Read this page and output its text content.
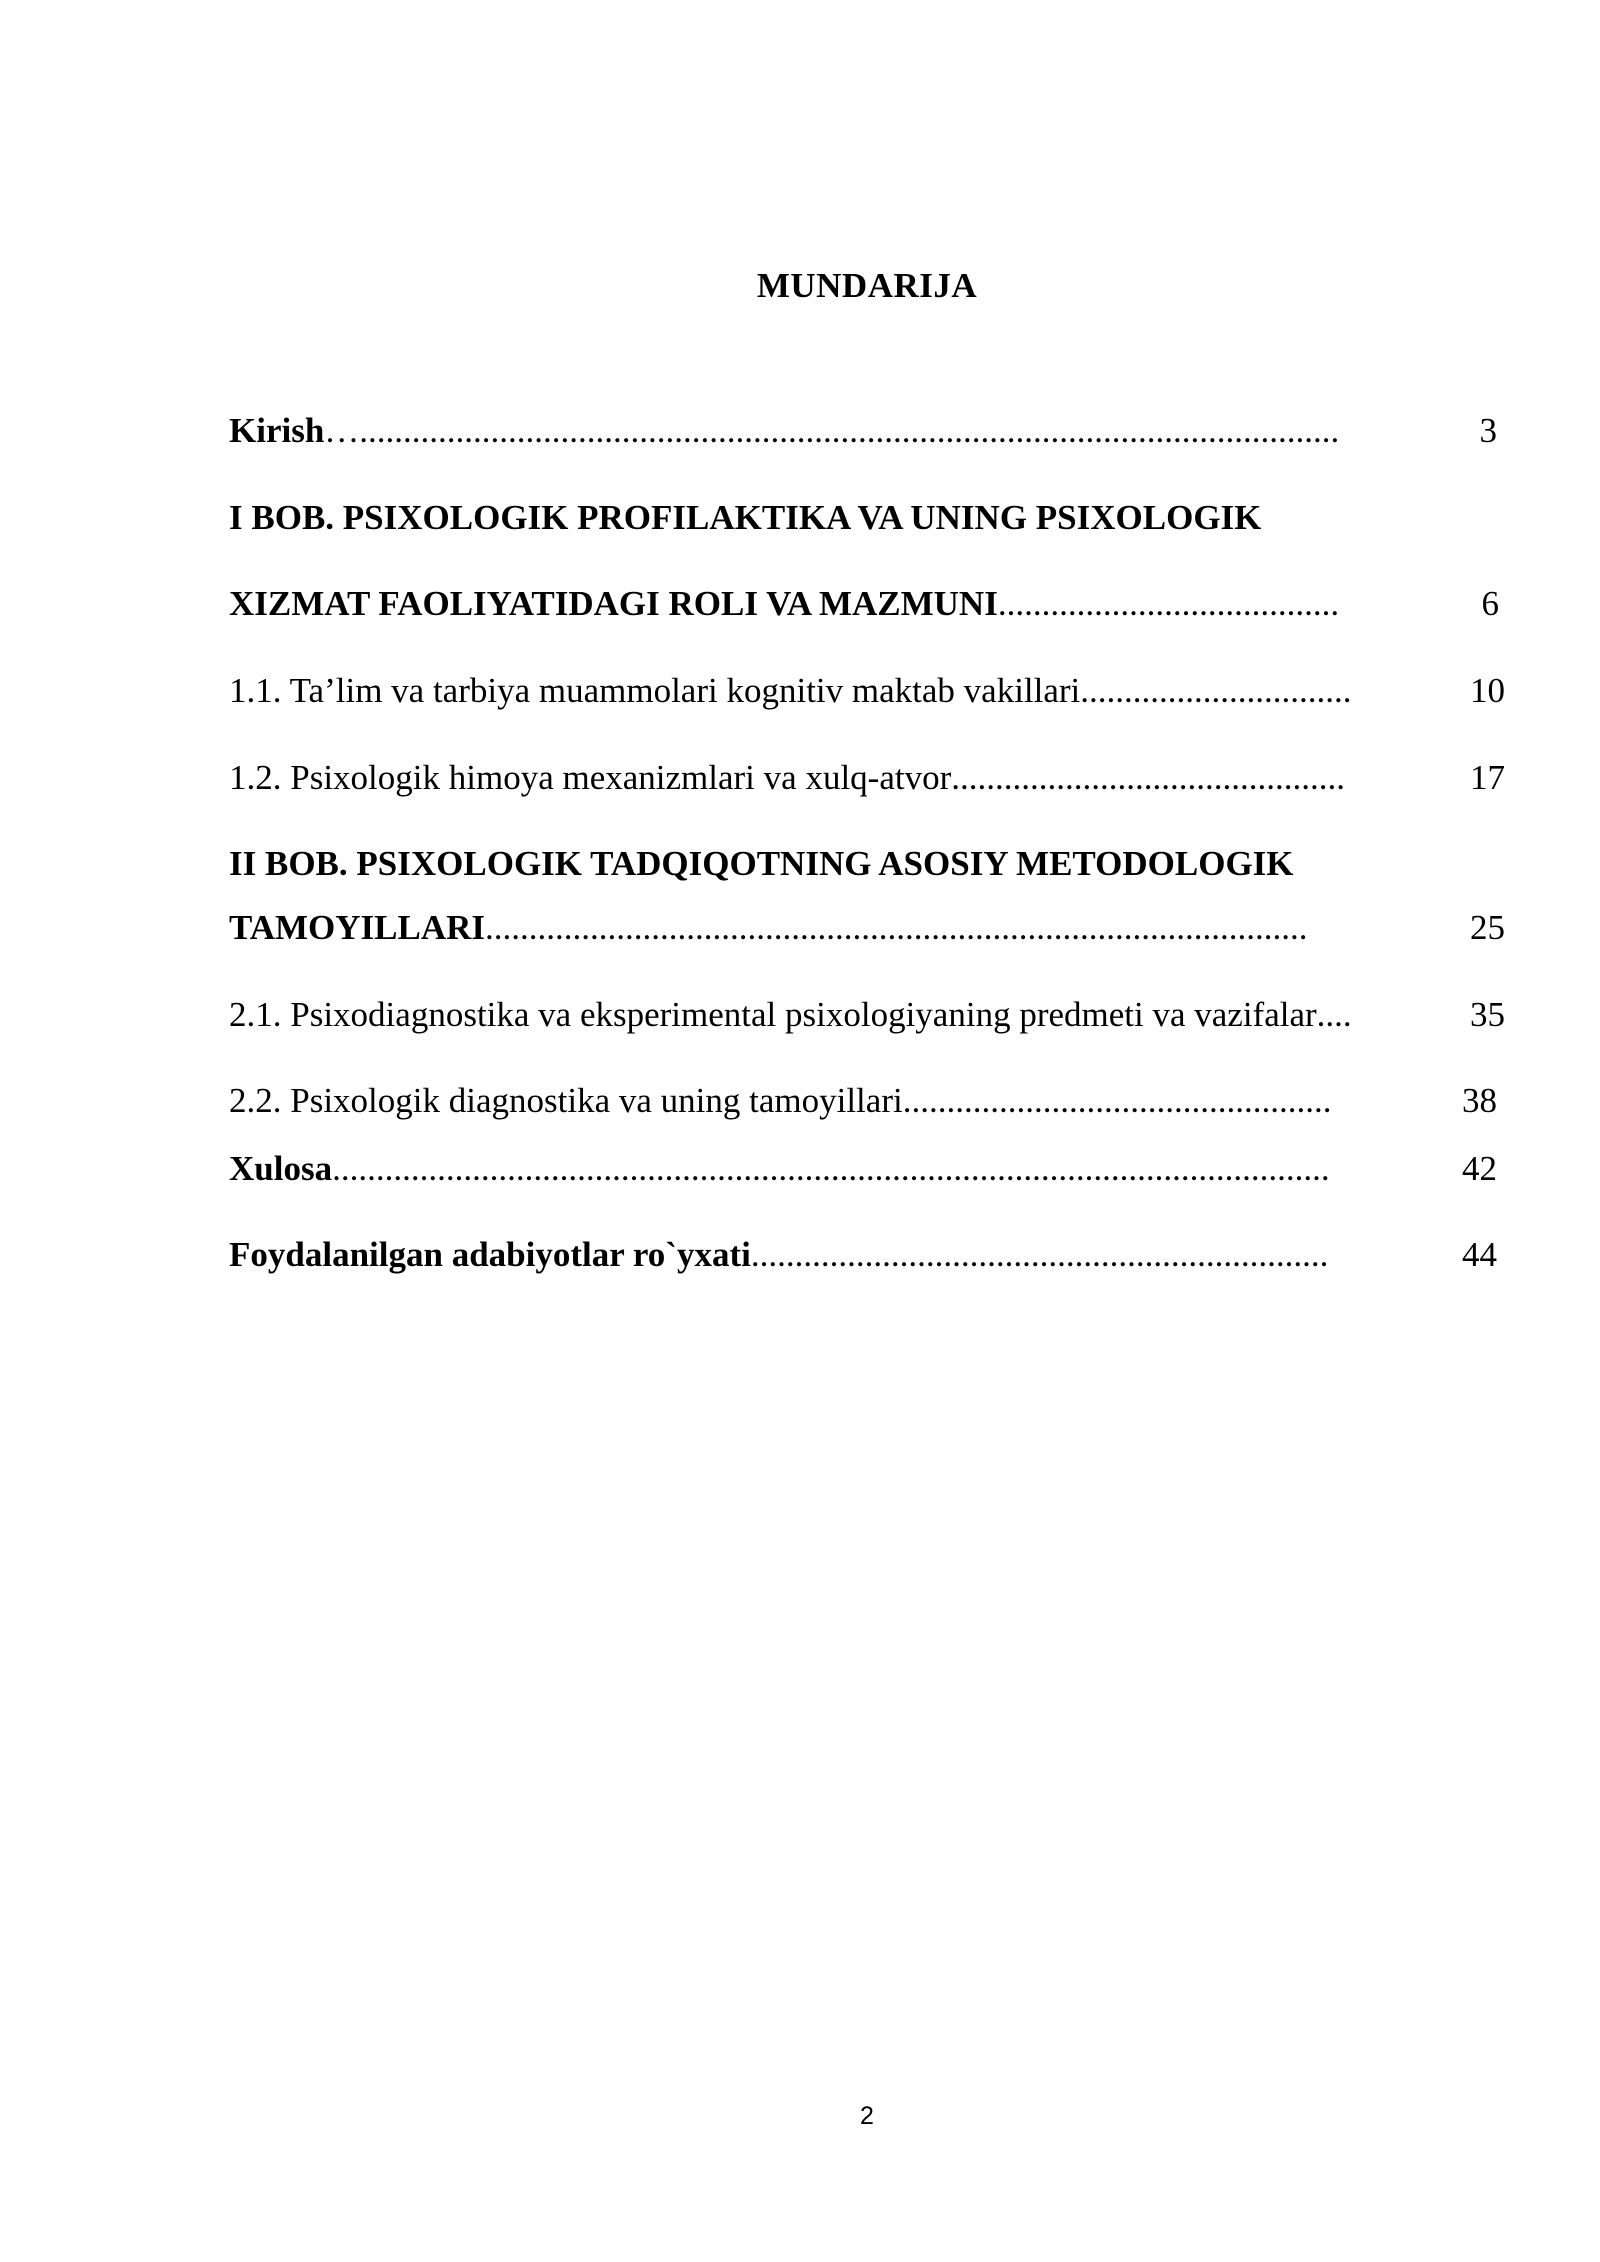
MUNDARIJA
Kirish…................................................................................................................	3
I BOB. PSIXOLOGIK PROFILAKTIKA VA UNING PSIXOLOGIK
XIZMAT FAOLIYATIDAGI ROLI VA MAZMUNI.......................................	6
1.1. Ta’lim va tarbiya muammolari kognitiv maktab vakillari...............................	10
1.2. Psixologik himoya mexanizmlari va xulq-atvor.............................................	17
II BOB. PSIXOLOGIK TADQIQOTNING ASOSIY METODOLOGIK
TAMOYILLARI..............................................................................................	25
2.1. Psixodiagnostika va eksperimental psixologiyaning predmeti va vazifalar....	35
2.2. Psixologik diagnostika va uning tamoyillari.................................................	38
Xulosa..................................................................................................................	42
Foydalanilgan adabiyotlar ro`yxati..................................................................	44
2
